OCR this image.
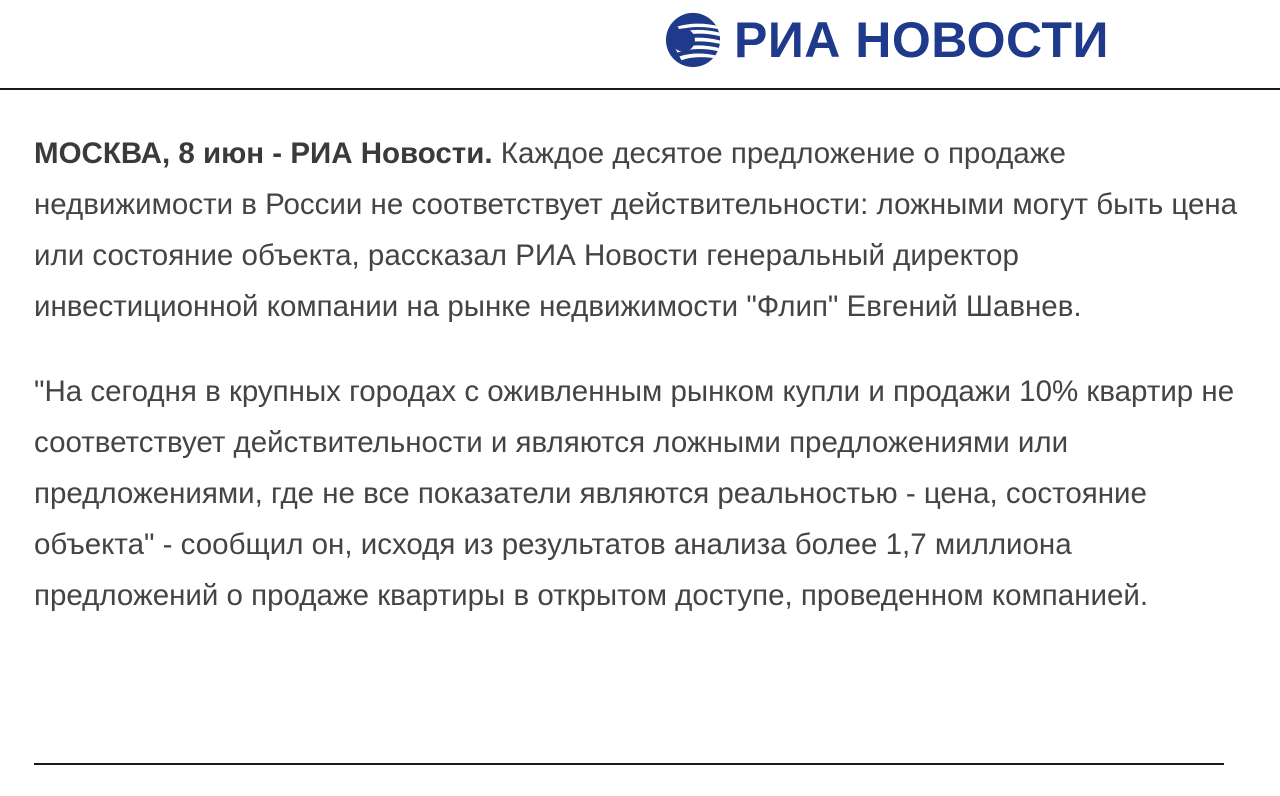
РИА НОВОСТИ

МОСКВА, 8 июн - РИА Новости. Каждое десятое предложение о продаже недвижимости в России не соответствует действительности: ложными могут быть цена или состояние объекта, рассказал РИА Новости генеральный директор инвестиционной компании на рынке недвижимости "Флип" Евгений Шавнев.

"На сегодня в крупных городах с оживленным рынком купли и продажи 10% квартир не соответствует действительности и являются ложными предложениями или предложениями, где не все показатели являются реальностью - цена, состояние объекта" - сообщил он, исходя из результатов анализа более 1,7 миллиона предложений о продаже квартиры в открытом доступе, проведенном компанией.
